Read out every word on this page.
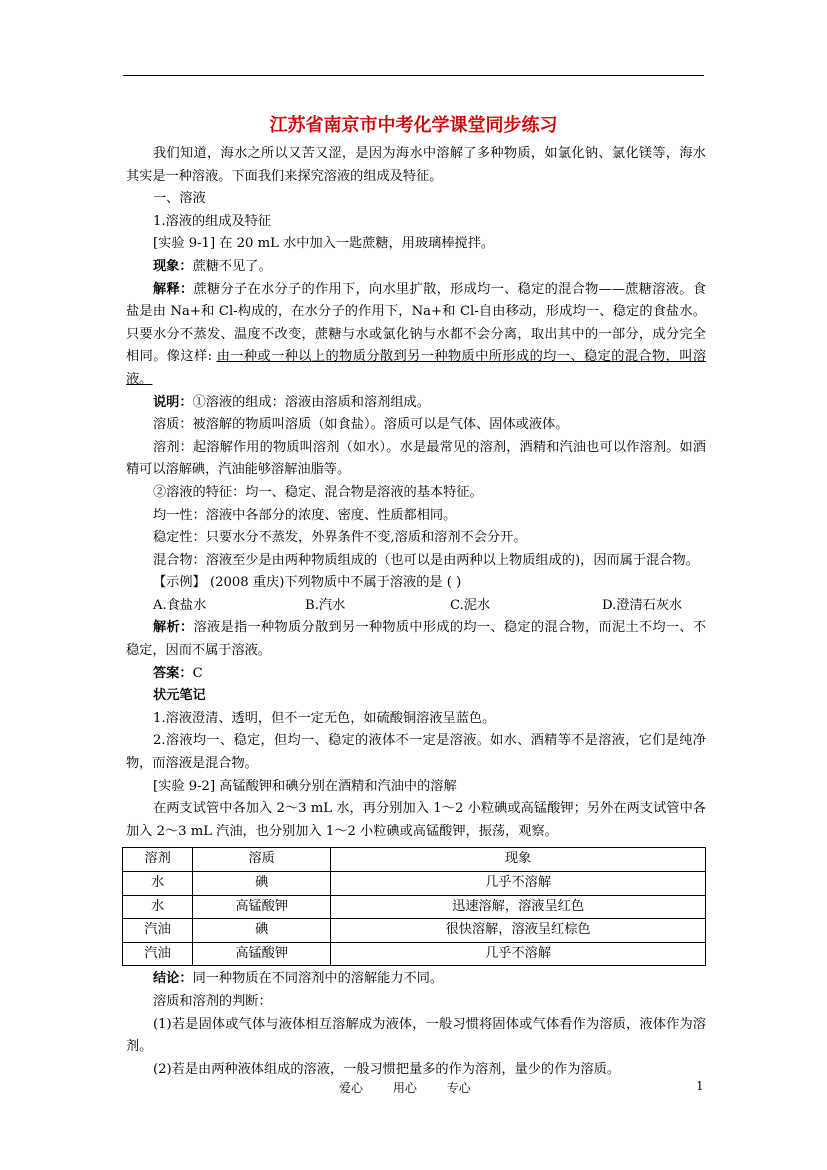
江苏省南京市中考化学课堂同步练习

我们知道，海水之所以又苦又涩，是因为海水中溶解了多种物质，如氯化钠、氯化镁等，海水其实是一种溶液。下面我们来探究溶液的组成及特征。

一、溶液

1.溶液的组成及特征

[实验 9-1] 在 20 mL 水中加入一匙蔗糖，用玻璃棒搅拌。

现象：蔗糖不见了。

解释：蔗糖分子在水分子的作用下，向水里扩散，形成均一、稳定的混合物——蔗糖溶液。食盐是由 Na+和 Cl-构成的，在水分子的作用下，Na+和 Cl-自由移动，形成均一、稳定的食盐水。只要水分不蒸发、温度不改变，蔗糖与水或氯化钠与水都不会分离，取出其中的一部分，成分完全相同。像这样: 由一种或一种以上的物质分散到另一种物质中所形成的均一、稳定的混合物，叫溶液。

说明：①溶液的组成：溶液由溶质和溶剂组成。

溶质：被溶解的物质叫溶质（如食盐）。溶质可以是气体、固体或液体。

溶剂：起溶解作用的物质叫溶剂（如水）。水是最常见的溶剂，酒精和汽油也可以作溶剂。如酒精可以溶解碘，汽油能够溶解油脂等。

②溶液的特征：均一、稳定、混合物是溶液的基本特征。

均一性：溶液中各部分的浓度、密度、性质都相同。

稳定性：只要水分不蒸发，外界条件不变,溶质和溶剂不会分开。

混合物：溶液至少是由两种物质组成的（也可以是由两种以上物质组成的)，因而属于混合物。

【示例】 (2008 重庆)下列物质中不属于溶液的是 ( )

A.食盐水	B.汽水	C.泥水	D.澄清石灰水

解析：溶液是指一种物质分散到另一种物质中形成的均一、稳定的混合物，而泥土不均一、不稳定，因而不属于溶液。

答案：C

状元笔记

1.溶液澄清、透明，但不一定无色，如硫酸铜溶液呈蓝色。

2.溶液均一、稳定，但均一、稳定的液体不一定是溶液。如水、酒精等不是溶液，它们是纯净物，而溶液是混合物。

[实验 9-2] 高锰酸钾和碘分别在酒精和汽油中的溶解

在两支试管中各加入 2～3 mL 水，再分别加入 1～2 小粒碘或高锰酸钾；另外在两支试管中各加入 2～3 mL 汽油，也分别加入 1～2 小粒碘或高锰酸钾，振荡，观察。

溶剂	溶质	现象
水	碘	几乎不溶解
水	高锰酸钾	迅速溶解，溶液呈红色
汽油	碘	很快溶解，溶液呈红棕色
汽油	高锰酸钾	几乎不溶解

结论：同一种物质在不同溶剂中的溶解能力不同。

溶质和溶剂的判断：

(1)若是固体或气体与液体相互溶解成为液体，一般习惯将固体或气体看作为溶质，液体作为溶剂。

(2)若是由两种液体组成的溶液，一般习惯把量多的作为溶剂，量少的作为溶质。

爱心 用心 专心	1
